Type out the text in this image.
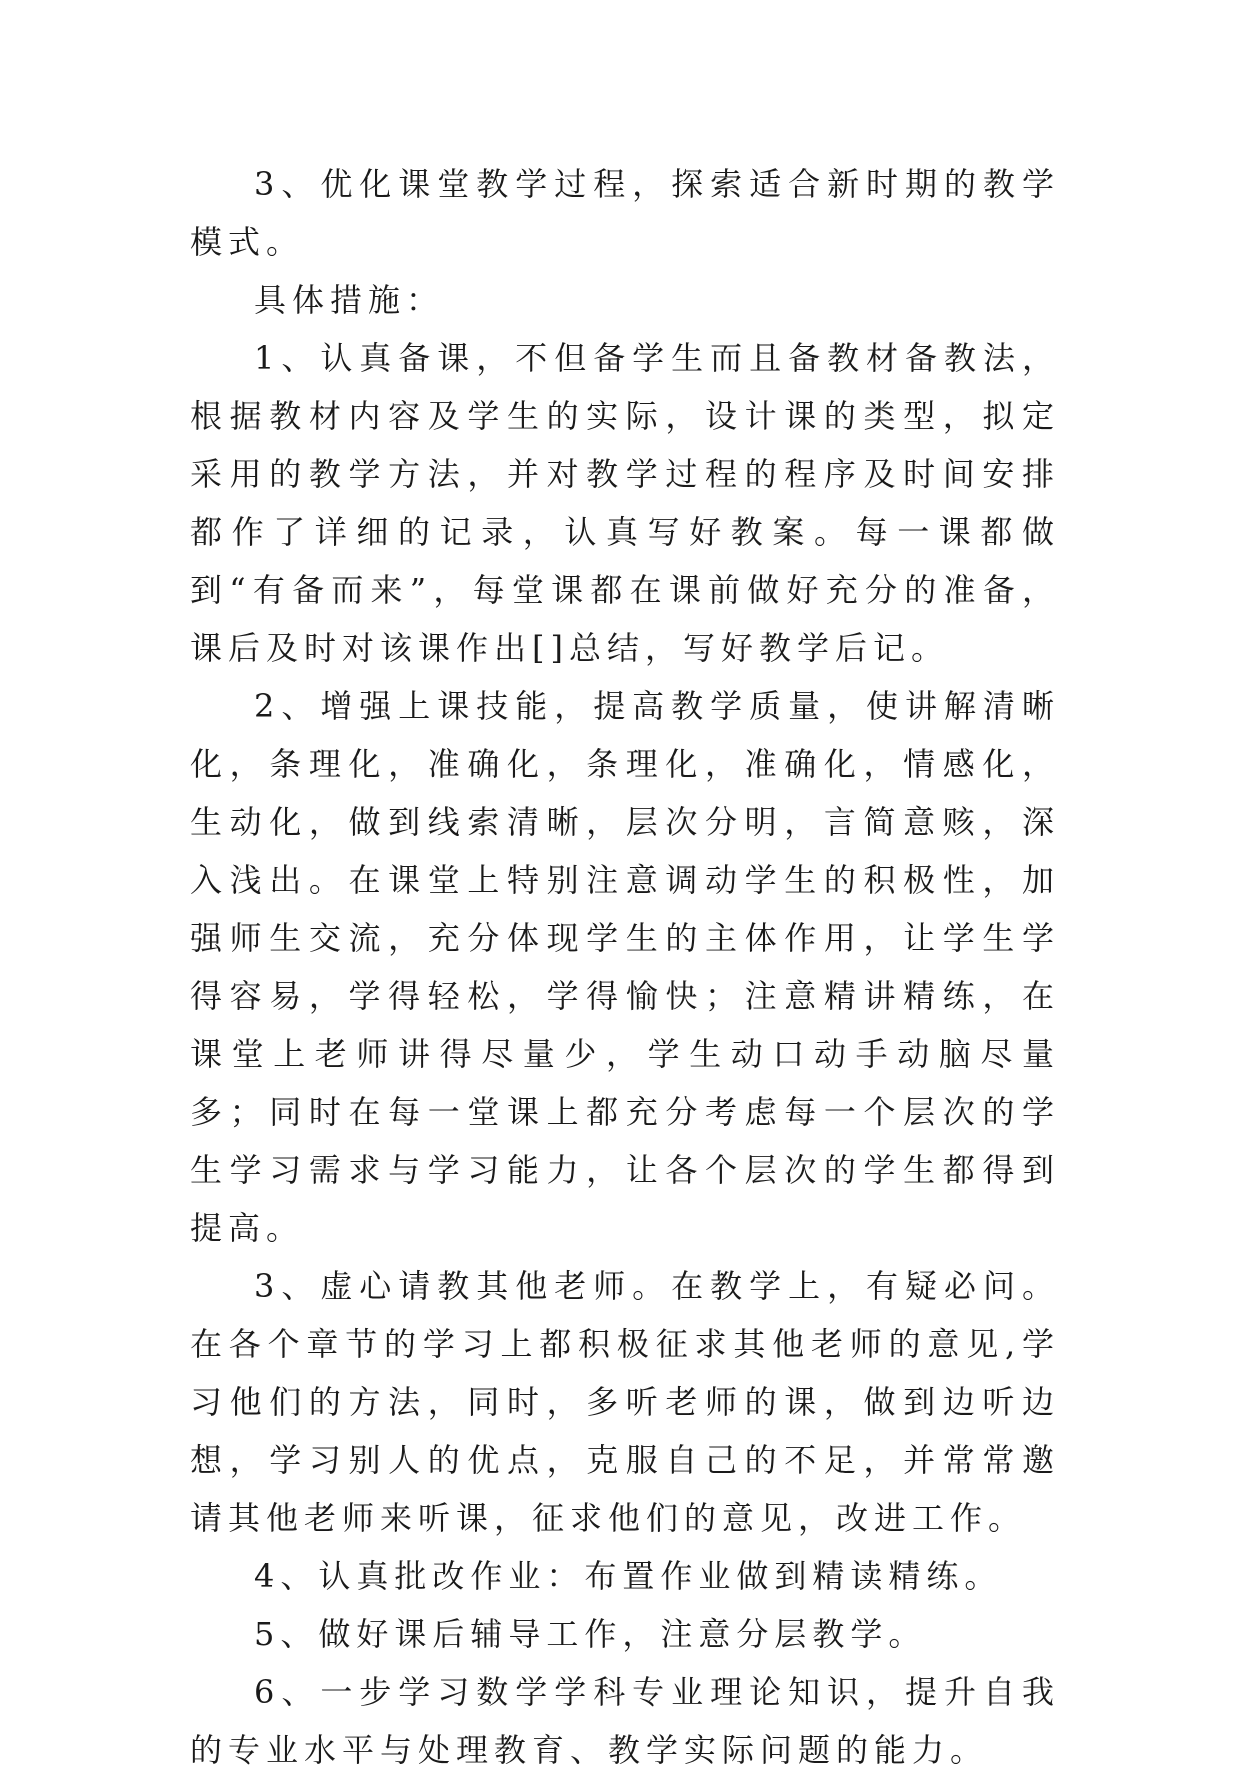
3、优化课堂教学过程，探索适合新时期的教学模式。

具体措施：

1、认真备课，不但备学生而且备教材备教法，根据教材内容及学生的实际，设计课的类型，拟定采用的教学方法，并对教学过程的程序及时间安排都作了详细的记录，认真写好教案。每一课都做到“有备而来”，每堂课都在课前做好充分的准备，课后及时对该课作出[]总结，写好教学后记。

2、增强上课技能，提高教学质量，使讲解清晰化，条理化，准确化，条理化，准确化，情感化，生动化，做到线索清晰，层次分明，言简意赅，深入浅出。在课堂上特别注意调动学生的积极性，加强师生交流，充分体现学生的主体作用，让学生学得容易，学得轻松，学得愉快；注意精讲精练，在课堂上老师讲得尽量少，学生动口动手动脑尽量多；同时在每一堂课上都充分考虑每一个层次的学生学习需求与学习能力，让各个层次的学生都得到提高。

3、虚心请教其他老师。在教学上，有疑必问。在各个章节的学习上都积极征求其他老师的意见,学习他们的方法，同时，多听老师的课，做到边听边想，学习别人的优点，克服自己的不足，并常常邀请其他老师来听课，征求他们的意见，改进工作。

4、认真批改作业：布置作业做到精读精练。

5、做好课后辅导工作，注意分层教学。

6、一步学习数学学科专业理论知识，提升自我的专业水平与处理教育、教学实际问题的能力。
